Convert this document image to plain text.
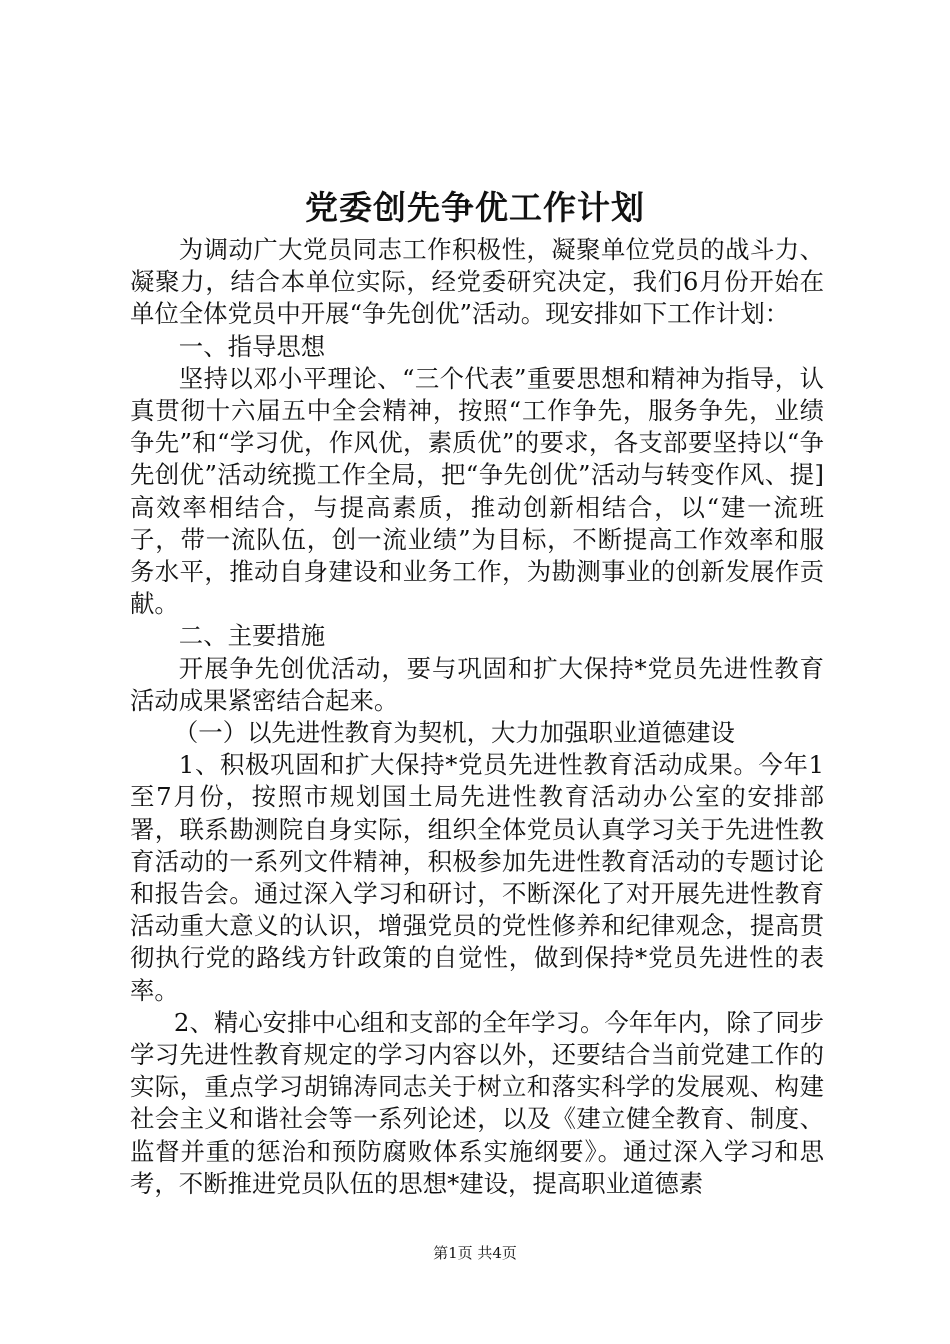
党委创先争优工作计划

为调动广大党员同志工作积极性，凝聚单位党员的战斗力、凝聚力，结合本单位实际，经党委研究决定，我们6月份开始在单位全体党员中开展“争先创优”活动。现安排如下工作计划：

一、指导思想

坚持以邓小平理论、“三个代表”重要思想和精神为指导，认真贯彻十六届五中全会精神，按照“工作争先，服务争先，业绩争先”和“学习优，作风优，素质优”的要求，各支部要坚持以“争先创优”活动统揽工作全局，把“争先创优”活动与转变作风、提]高效率相结合，与提高素质，推动创新相结合，以“建一流班子，带一流队伍，创一流业绩”为目标，不断提高工作效率和服务水平，推动自身建设和业务工作，为勘测事业的创新发展作贡献。

二、主要措施

开展争先创优活动，要与巩固和扩大保持*党员先进性教育活动成果紧密结合起来。

（一）以先进性教育为契机，大力加强职业道德建设

1、积极巩固和扩大保持*党员先进性教育活动成果。今年1至7月份，按照市规划国土局先进性教育活动办公室的安排部署，联系勘测院自身实际，组织全体党员认真学习关于先进性教育活动的一系列文件精神，积极参加先进性教育活动的专题讨论和报告会。通过深入学习和研讨，不断深化了对开展先进性教育活动重大意义的认识，增强党员的党性修养和纪律观念，提高贯彻执行党的路线方针政策的自觉性，做到保持*党员先进性的表率。

2、精心安排中心组和支部的全年学习。今年年内，除了同步学习先进性教育规定的学习内容以外，还要结合当前党建工作的实际，重点学习胡锦涛同志关于树立和落实科学的发展观、构建社会主义和谐社会等一系列论述，以及《建立健全教育、制度、监督并重的惩治和预防腐败体系实施纲要》。通过深入学习和思考，不断推进党员队伍的思想*建设，提高职业道德素

第1页 共4页
